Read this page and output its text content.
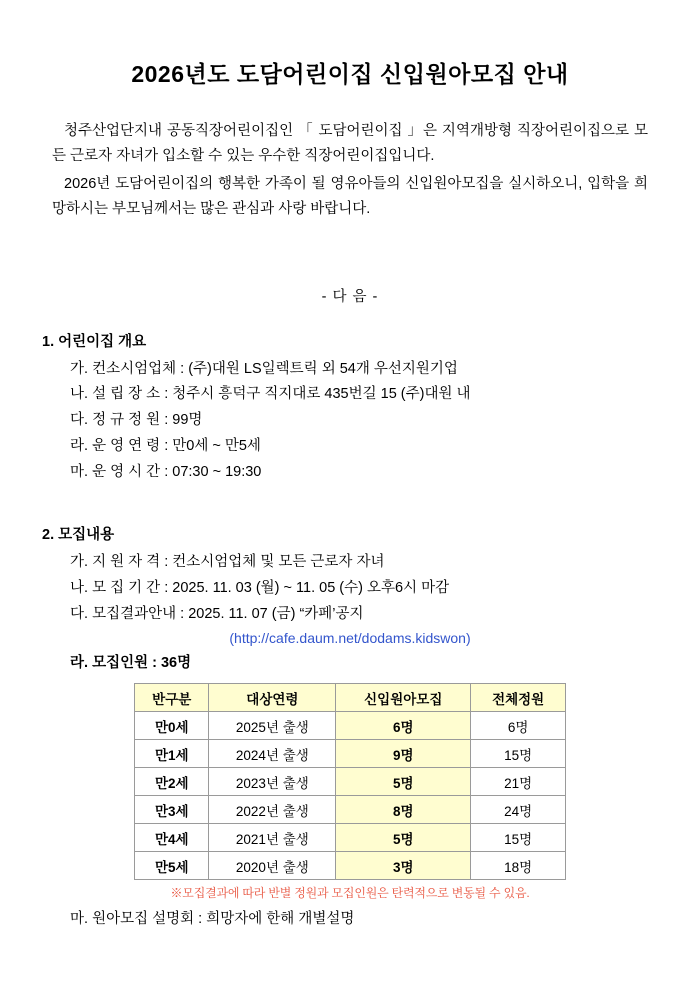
2026년도 도담어린이집 신입원아모집 안내

청주산업단지내 공동직장어린이집인 「 도담어린이집 」은 지역개방형 직장어린이집으로 모든 근로자 자녀가 입소할 수 있는 우수한 직장어린이집입니다.

2026년 도담어린이집의 행복한 가족이 될 영유아들의 신입원아모집을 실시하오니, 입학을 희망하시는 부모님께서는 많은 관심과 사랑 바랍니다.

- 다 음 -
1. 어린이집 개요
가. 컨소시엄업체 : (주)대원 LS일렉트릭 외 54개 우선지원기업
나. 설 립 장 소 : 청주시 흥덕구 직지대로 435번길 15 (주)대원 내
다. 정 규 정 원 : 99명
라. 운 영 연 령 : 만0세 ~ 만5세
마. 운 영 시 간 : 07:30 ~ 19:30
2. 모집내용
가. 지 원 자 격 : 컨소시엄업체 및 모든 근로자 자녀
나. 모 집 기 간 : 2025. 11. 03 (월) ~ 11. 05 (수) 오후6시 마감
다. 모집결과안내 : 2025. 11. 07 (금) “카페’공지
(http://cafe.daum.net/dodams.kidswon)
라. 모집인원 : 36명
반구분	대상연령	신입원아모집	전체정원
만0세	2025년 출생	6명	6명
만1세	2024년 출생	9명	15명
만2세	2023년 출생	5명	21명
만3세	2022년 출생	8명	24명
만4세	2021년 출생	5명	15명
만5세	2020년 출생	3명	18명
※모집결과에 따라 반별 정원과 모집인원은 탄력적으로 변동될 수 있음.
마. 원아모집 설명회 : 희망자에 한해 개별설명
